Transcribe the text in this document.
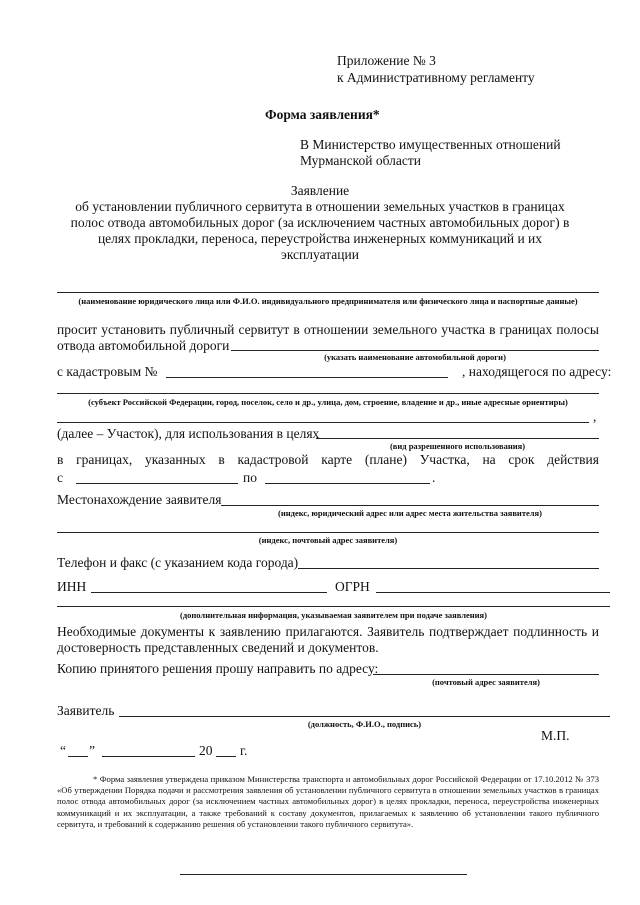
Приложение № 3
к Административному регламенту
Форма заявления*
В Министерство имущественных отношений
Мурманской области
Заявление
об установлении публичного сервитута в отношении земельных участков в границах
полос отвода автомобильных дорог (за исключением частных автомобильных дорог) в
целях прокладки, переноса, переустройства инженерных коммуникаций и их
эксплуатации
(наименование юридического лица или Ф.И.О. индивидуального предпринимателя или физического лица и паспортные данные)
просит установить публичный сервитут в отношении земельного участка в границах полосы
отвода автомобильной дороги
(указать наименование автомобильной дороги)
с кадастровым №	, находящегося по адресу:
(субъект Российской Федерации, город, поселок, село и др., улица, дом, строение, владение и др., иные адресные ориентиры)
,
(далее – Участок), для использования в целях
(вид разрешенного использования)
в границах, указанных в кадастровой карте (плане) Участка, на срок действия
с	по	.
Местонахождение заявителя
(индекс, юридический адрес или адрес места жительства заявителя)
(индекс, почтовый адрес заявителя)
Телефон и факс (с указанием кода города)
ИНН	ОГРН
(дополнительная информация, указываемая заявителем при подаче заявления)
Необходимые документы к заявлению прилагаются. Заявитель подтверждает подлинность и
достоверность представленных сведений и документов.
Копию принятого решения прошу направить по адресу:
(почтовый адрес заявителя)
Заявитель
(должность, Ф.И.О., подпись)
М.П.
“ ”	20 г.
* Форма заявления утверждена приказом Министерства транспорта и автомобильных дорог Российской Федерации от 17.10.2012 № 373 «Об утверждении Порядка подачи и рассмотрения заявления об установлении публичного сервитута в отношении земельных участков в границах полос отвода автомобильных дорог (за исключением частных автомобильных дорог) в целях прокладки, переноса, переустройства инженерных коммуникаций и их эксплуатации, а также требований к составу документов, прилагаемых к заявлению об установлении такого публичного сервитута, и требований к содержанию решения об установлении такого публичного сервитута».
